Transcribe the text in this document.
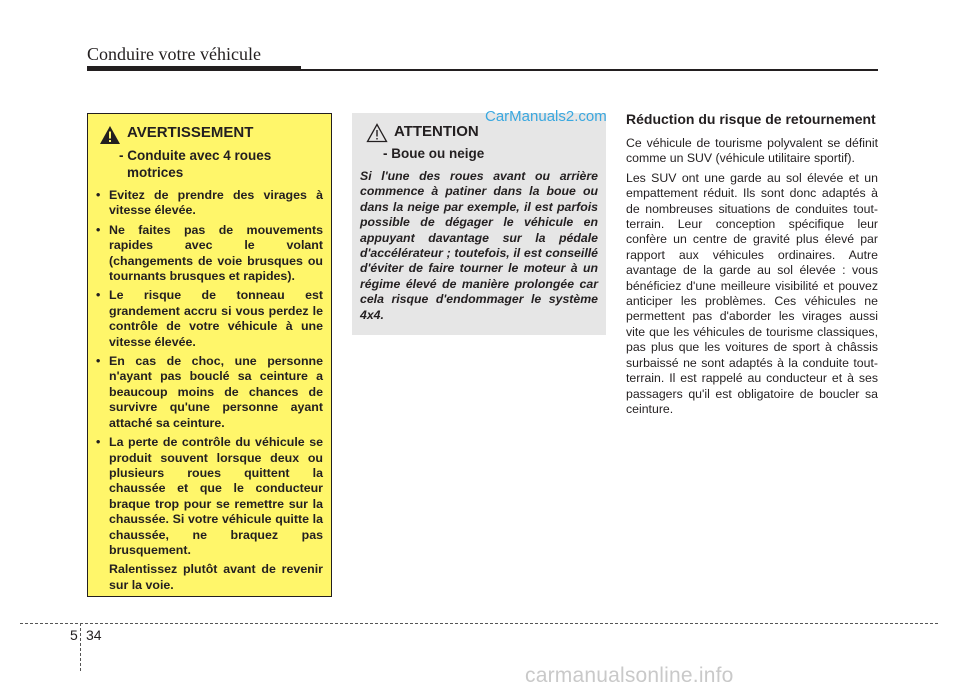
Conduire votre véhicule
AVERTISSEMENT
- Conduite avec 4 roues motrices
• Evitez de prendre des virages à vitesse élevée.
• Ne faites pas de mouvements rapides avec le volant (changements de voie brusques ou tournants brusques et rapides).
• Le risque de tonneau est grandement accru si vous perdez le contrôle de votre véhicule à une vitesse élevée.
• En cas de choc, une personne n'ayant pas bouclé sa ceinture a beaucoup moins de chances de survivre qu'une personne ayant attaché sa ceinture.
• La perte de contrôle du véhicule se produit souvent lorsque deux ou plusieurs roues quittent la chaussée et que le conducteur braque trop pour se remettre sur la chaussée. Si votre véhicule quitte la chaussée, ne braquez pas brusquement.

Ralentissez plutôt avant de revenir sur la voie.

ATTENTION
- Boue ou neige
Si l'une des roues avant ou arrière commence à patiner dans la boue ou dans la neige par exemple, il est parfois possible de dégager le véhicule en appuyant davantage sur la pédale d'accélérateur ; toutefois, il est conseillé d'éviter de faire tourner le moteur à un régime élevé de manière prolongée car cela risque d'endommager le système 4x4.
CarManuals2.com Réduction du risque de retournement

Ce véhicule de tourisme polyvalent se définit comme un SUV (véhicule utilitaire sportif).

Les SUV ont une garde au sol élevée et un empattement réduit. Ils sont donc adaptés à de nombreuses situations de conduites tout-terrain. Leur conception spécifique leur confère un centre de gravité plus élevé par rapport aux véhicules ordinaires. Autre avantage de la garde au sol élevée : vous bénéficiez d'une meilleure visibilité et pouvez anticiper les problèmes. Ces véhicules ne permettent pas d'aborder les virages aussi vite que les véhicules de tourisme classiques, pas plus que les voitures de sport à châssis surbaissé ne sont adaptés à la conduite tout-terrain. Il est rappelé au conducteur et à ses passagers qu'il est obligatoire de boucler sa ceinture.

5 34
carmanualsonline.info
